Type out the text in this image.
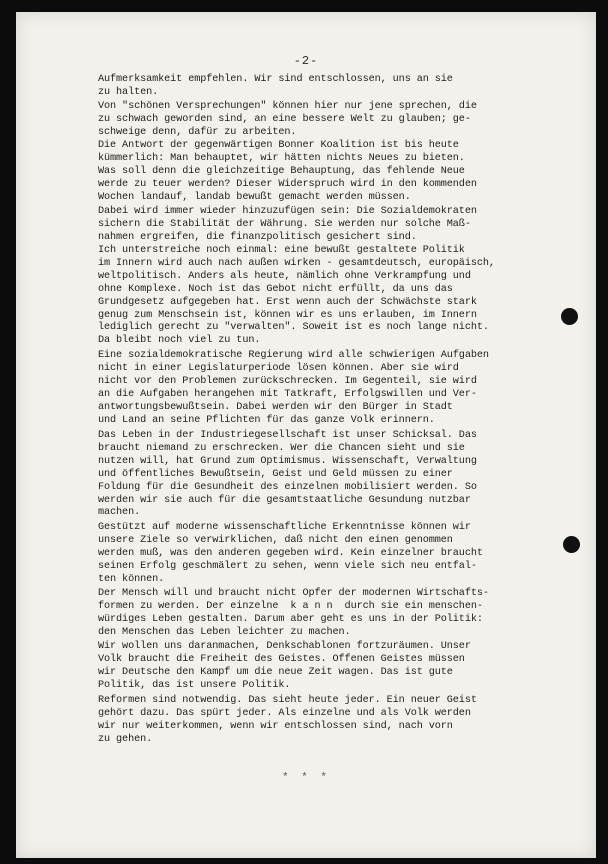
-2-
Aufmerksamkeit empfehlen. Wir sind entschlossen, uns an sie
zu halten.
Von "schönen Versprechungen" können hier nur jene sprechen, die
zu schwach geworden sind, an eine bessere Welt zu glauben; ge-
schweige denn, dafür zu arbeiten.
Die Antwort der gegenwärtigen Bonner Koalition ist bis heute
kümmerlich: Man behauptet, wir hätten nichts Neues zu bieten.
Was soll denn die gleichzeitige Behauptung, das fehlende Neue
werde zu teuer werden? Dieser Widerspruch wird in den kommenden
Wochen landauf, landab bewußt gemacht werden müssen.
Dabei wird immer wieder hinzuzufügen sein: Die Sozialdemokraten
sichern die Stabilität der Währung. Sie werden nur solche Maß-
nahmen ergreifen, die finanzpolitisch gesichert sind.
Ich unterstreiche noch einmal: eine bewußt gestaltete Politik
im Innern wird auch nach außen wirken - gesamtdeutsch, europäisch,
weltpolitisch. Anders als heute, nämlich ohne Verkrampfung und
ohne Komplexe. Noch ist das Gebot nicht erfüllt, da uns das
Grundgesetz aufgegeben hat. Erst wenn auch der Schwächste stark
genug zum Menschsein ist, können wir es uns erlauben, im Innern
lediglich gerecht zu "verwalten". Soweit ist es noch lange nicht.
Da bleibt noch viel zu tun.
Eine sozialdemokratische Regierung wird alle schwierigen Aufgaben
nicht in einer Legislaturperiode lösen können. Aber sie wird
nicht vor den Problemen zurückschrecken. Im Gegenteil, sie wird
an die Aufgaben herangehen mit Tatkraft, Erfolgswillen und Ver-
antwortungsbewußtsein. Dabei werden wir den Bürger in Stadt
und Land an seine Pflichten für das ganze Volk erinnern.
Das Leben in der Industriegesellschaft ist unser Schicksal. Das
braucht niemand zu erschrecken. Wer die Chancen sieht und sie
nutzen will, hat Grund zum Optimismus. Wissenschaft, Verwaltung
und öffentliches Bewußtsein, Geist und Geld müssen zu einer
Foldung für die Gesundheit des einzelnen mobilisiert werden. So
werden wir sie auch für die gesamtstaatliche Gesundung nutzbar
machen.
Gestützt auf moderne wissenschaftliche Erkenntnisse können wir
unsere Ziele so verwirklichen, daß nicht den einen genommen
werden muß, was den anderen gegeben wird. Kein einzelner braucht
seinen Erfolg geschmälert zu sehen, wenn viele sich neu entfal-
ten können.
Der Mensch will und braucht nicht Opfer der modernen Wirtschafts-
formen zu werden. Der einzelne  k a n n  durch sie ein menschen-
würdiges Leben gestalten. Darum aber geht es uns in der Politik:
den Menschen das Leben leichter zu machen.
Wir wollen uns daranmachen, Denkschablonen fortzuräumen. Unser
Volk braucht die Freiheit des Geistes. Offenen Geistes müssen
wir Deutsche den Kampf um die neue Zeit wagen. Das ist gute
Politik, das ist unsere Politik.
Reformen sind notwendig. Das sieht heute jeder. Ein neuer Geist
gehört dazu. Das spürt jeder. Als einzelne und als Volk werden
wir nur weiterkommen, wenn wir entschlossen sind, nach vorn
zu gehen.
* * *
